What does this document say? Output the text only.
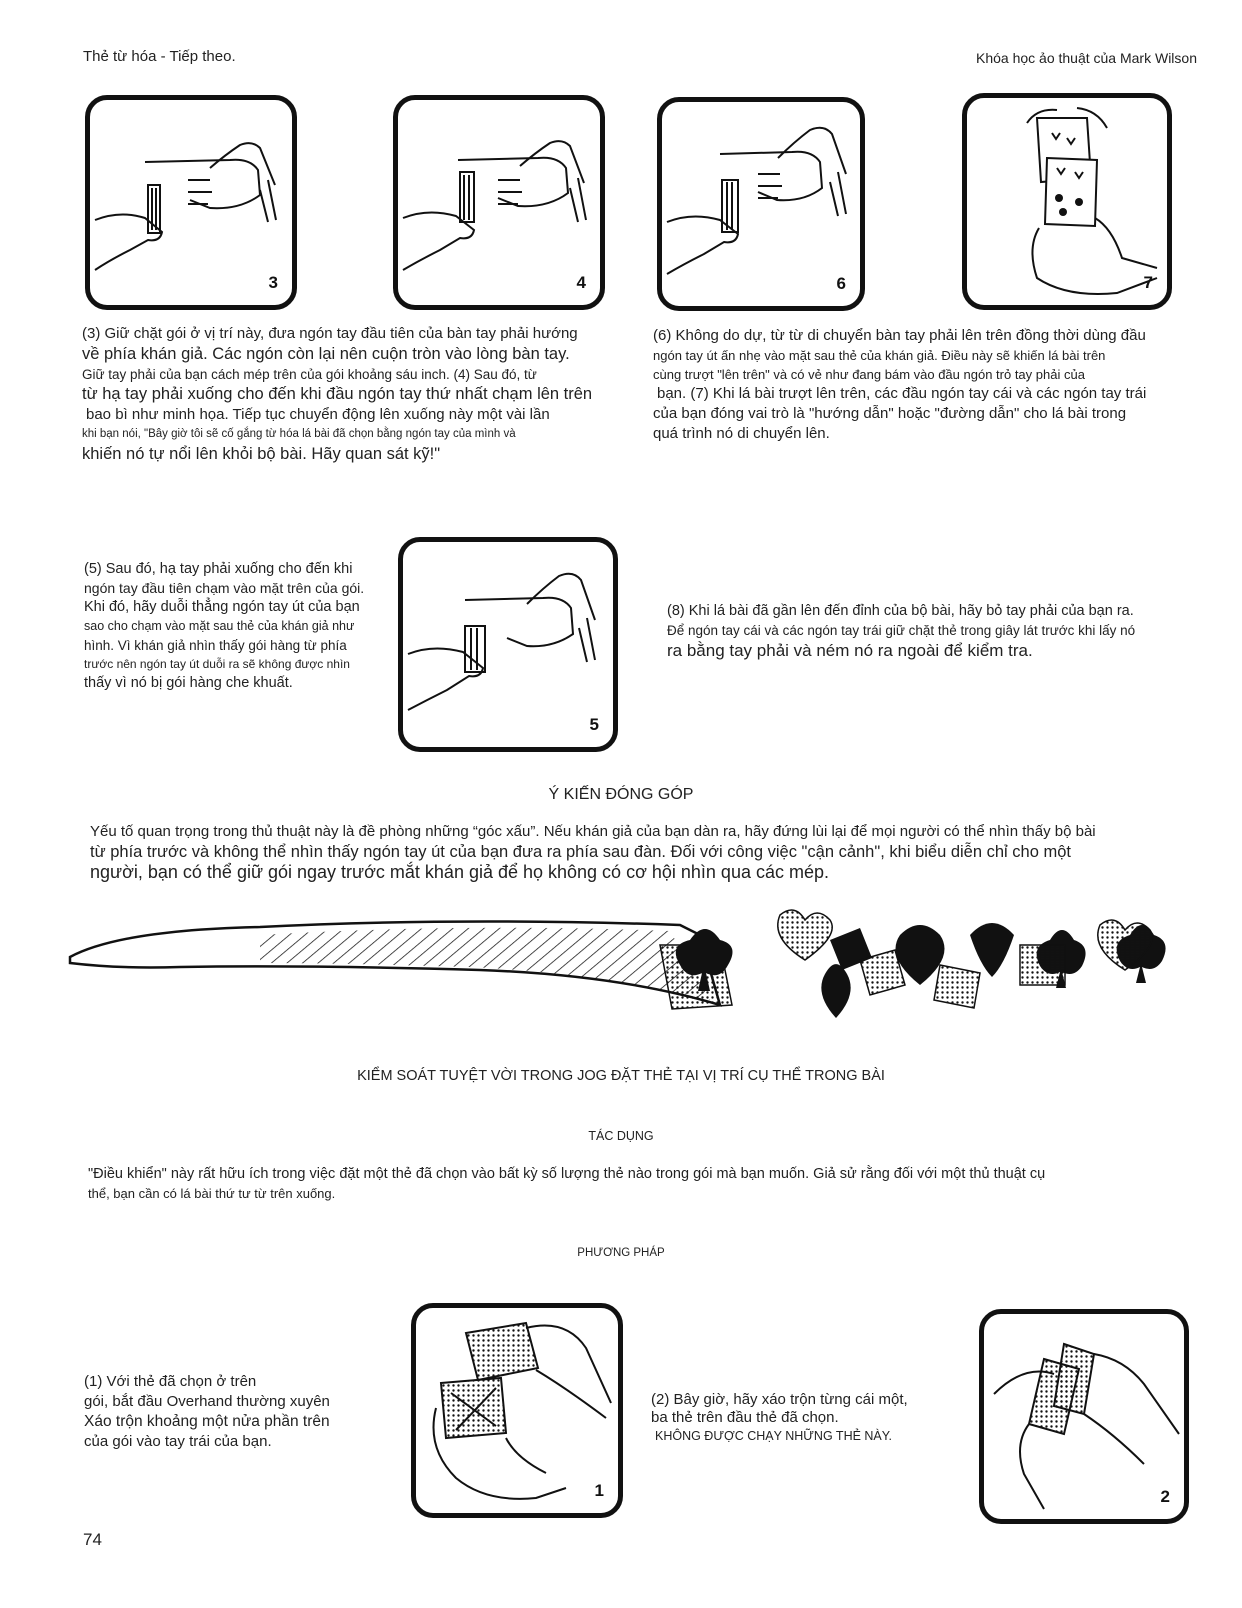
Thẻ từ hóa - Tiếp theo.	Khóa học ảo thuật của Mark Wilson
3	4	6	7
(3) Giữ chặt gói ở vị trí này, đưa ngón tay đầu tiên của bàn tay phải hướng
về phía khán giả. Các ngón còn lại nên cuộn tròn vào lòng bàn tay.
Giữ tay phải của bạn cách mép trên của gói khoảng sáu inch. (4) Sau đó, từ
từ hạ tay phải xuống cho đến khi đầu ngón tay thứ nhất chạm lên trên
bao bì như minh họa. Tiếp tục chuyển động lên xuống này một vài lần
khi bạn nói, "Bây giờ tôi sẽ cố gắng từ hóa lá bài đã chọn bằng ngón tay của mình và
khiến nó tự nổi lên khỏi bộ bài. Hãy quan sát kỹ!"
(6) Không do dự, từ từ di chuyển bàn tay phải lên trên đồng thời dùng đầu
ngón tay út ấn nhẹ vào mặt sau thẻ của khán giả. Điều này sẽ khiến lá bài trên
cùng trượt "lên trên" và có vẻ như đang bám vào đầu ngón trỏ tay phải của
bạn. (7) Khi lá bài trượt lên trên, các đầu ngón tay cái và các ngón tay trái
của bạn đóng vai trò là "hướng dẫn" hoặc "đường dẫn" cho lá bài trong
quá trình nó di chuyển lên.
(5) Sau đó, hạ tay phải xuống cho đến khi
ngón tay đầu tiên chạm vào mặt trên của gói.
Khi đó, hãy duỗi thẳng ngón tay út của bạn
sao cho chạm vào mặt sau thẻ của khán giả như
hình. Vì khán giả nhìn thấy gói hàng từ phía
trước nên ngón tay út duỗi ra sẽ không được nhìn
thấy vì nó bị gói hàng che khuất.
5
(8) Khi lá bài đã gần lên đến đỉnh của bộ bài, hãy bỏ tay phải của bạn ra.
Để ngón tay cái và các ngón tay trái giữ chặt thẻ trong giây lát trước khi lấy nó
ra bằng tay phải và ném nó ra ngoài để kiểm tra.
Ý KIẾN ĐÓNG GÓP
Yếu tố quan trọng trong thủ thuật này là đề phòng những “góc xấu”. Nếu khán giả của bạn dàn ra, hãy đứng lùi lại để mọi người có thể nhìn thấy bộ bài
từ phía trước và không thể nhìn thấy ngón tay út của bạn đưa ra phía sau đàn. Đối với công việc "cận cảnh", khi biểu diễn chỉ cho một
người, bạn có thể giữ gói ngay trước mắt khán giả để họ không có cơ hội nhìn qua các mép.
KIỂM SOÁT TUYỆT VỜI TRONG JOG ĐẶT THẺ TẠI VỊ TRÍ CỤ THỂ TRONG BÀI
TÁC DỤNG
"Điều khiển" này rất hữu ích trong việc đặt một thẻ đã chọn vào bất kỳ số lượng thẻ nào trong gói mà bạn muốn. Giả sử rằng đối với một thủ thuật cụ
thể, bạn cần có lá bài thứ tư từ trên xuống.
PHƯƠNG PHÁP
(1) Với thẻ đã chọn ở trên
gói, bắt đầu Overhand thường xuyên
Xáo trộn khoảng một nửa phần trên
của gói vào tay trái của bạn.
1
(2) Bây giờ, hãy xáo trộn từng cái một,
ba thẻ trên đầu thẻ đã chọn.
KHÔNG ĐƯỢC CHẠY NHỮNG THẺ NÀY.
2
74
